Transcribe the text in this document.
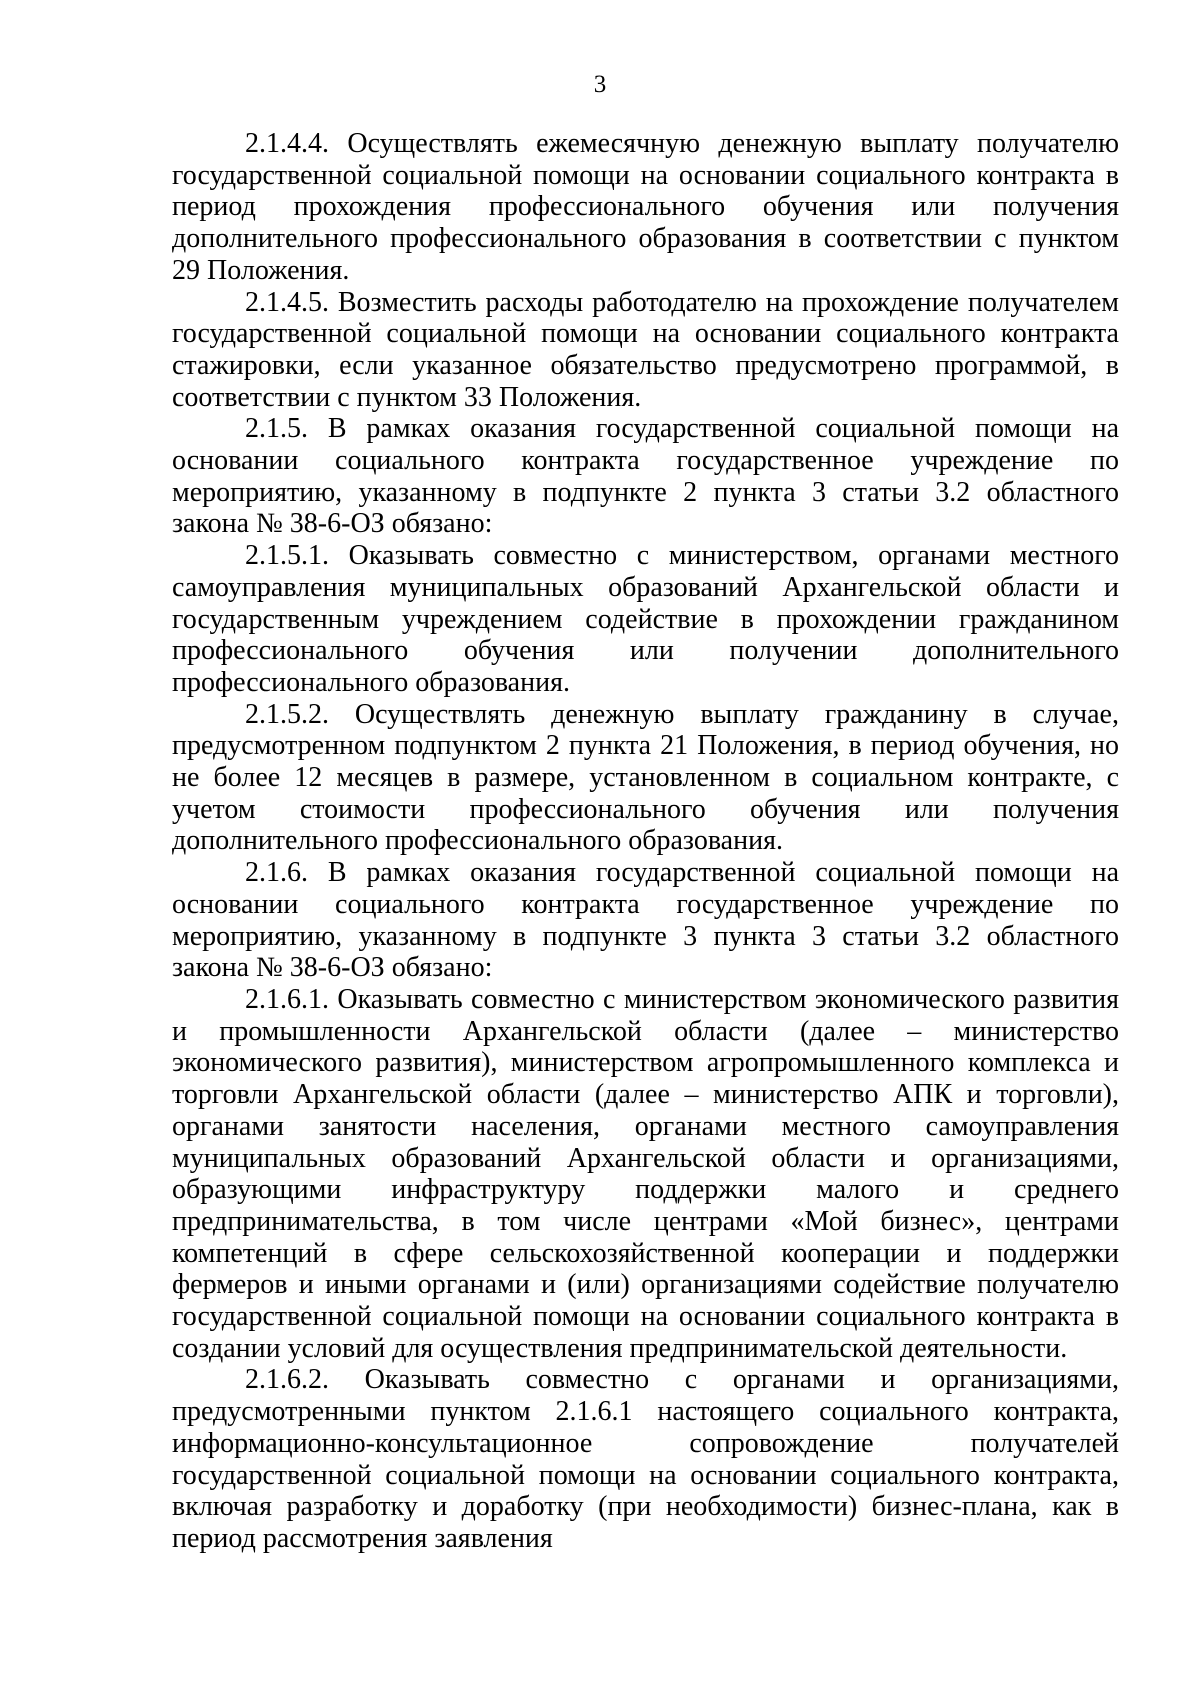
3

2.1.4.4. Осуществлять ежемесячную денежную выплату получателю государственной социальной помощи на основании социального контракта в период прохождения профессионального обучения или получения дополнительного профессионального образования в соответствии с пунктом 29 Положения.

2.1.4.5. Возместить расходы работодателю на прохождение получателем государственной социальной помощи на основании социального контракта стажировки, если указанное обязательство предусмотрено программой, в соответствии с пунктом 33 Положения.

2.1.5. В рамках оказания государственной социальной помощи на основании социального контракта государственное учреждение по мероприятию, указанному в подпункте 2 пункта 3 статьи 3.2 областного закона № 38-6-ОЗ обязано:

2.1.5.1. Оказывать совместно с министерством, органами местного самоуправления муниципальных образований Архангельской области и государственным учреждением содействие в прохождении гражданином профессионального обучения или получении дополнительного профессионального образования.

2.1.5.2. Осуществлять денежную выплату гражданину в случае, предусмотренном подпунктом 2 пункта 21 Положения, в период обучения, но не более 12 месяцев в размере, установленном в социальном контракте, с учетом стоимости профессионального обучения или получения дополнительного профессионального образования.

2.1.6. В рамках оказания государственной социальной помощи на основании социального контракта государственное учреждение по мероприятию, указанному в подпункте 3 пункта 3 статьи 3.2 областного закона № 38-6-ОЗ обязано:

2.1.6.1. Оказывать совместно с министерством экономического развития и промышленности Архангельской области (далее – министерство экономического развития), министерством агропромышленного комплекса и торговли Архангельской области (далее – министерство АПК и торговли), органами занятости населения, органами местного самоуправления муниципальных образований Архангельской области и организациями, образующими инфраструктуру поддержки малого и среднего предпринимательства, в том числе центрами «Мой бизнес», центрами компетенций в сфере сельскохозяйственной кооперации и поддержки фермеров и иными органами и (или) организациями содействие получателю государственной социальной помощи на основании социального контракта в создании условий для осуществления предпринимательской деятельности.

2.1.6.2. Оказывать совместно с органами и организациями, предусмотренными пунктом 2.1.6.1 настоящего социального контракта, информационно-консультационное сопровождение получателей государственной социальной помощи на основании социального контракта, включая разработку и доработку (при необходимости) бизнес-плана, как в период рассмотрения заявления
